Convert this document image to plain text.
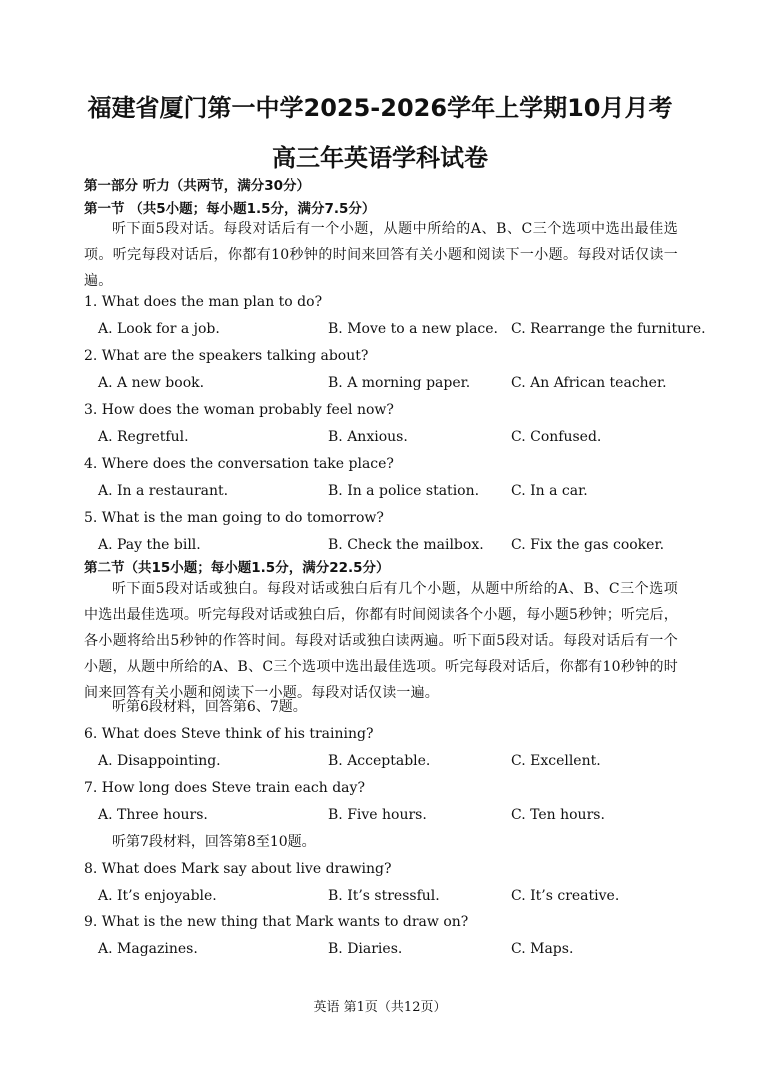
福建省厦门第一中学2025-2026学年上学期10月月考
高三年英语学科试卷
第一部分 听力（共两节，满分30分）
第一节 （共5小题；每小题1.5分，满分7.5分）
听下面5段对话。每段对话后有一个小题，从题中所给的A、B、C三个选项中选出最佳选项。听完每段对话后，你都有10秒钟的时间来回答有关小题和阅读下一小题。每段对话仅读一遍。
1. What does the man plan to do?
A. Look for a job.	B. Move to a new place. C. Rearrange the furniture.
2. What are the speakers talking about?
A. A new book.	B. A morning paper.	C. An African teacher.
3. How does the woman probably feel now?
A. Regretful.	B. Anxious.	C. Confused.
4. Where does the conversation take place?
A. In a restaurant.	B. In a police station. C. In a car.
5. What is the man going to do tomorrow?
A. Pay the bill.	B. Check the mailbox. C. Fix the gas cooker.
第二节（共15小题；每小题1.5分，满分22.5分）
听下面5段对话或独白。每段对话或独白后有几个小题，从题中所给的A、B、C三个选项中选出最佳选项。听完每段对话或独白后，你都有时间阅读各个小题，每小题5秒钟；听完后，各小题将给出5秒钟的作答时间。每段对话或独白读两遍。听下面5段对话。每段对话后有一个小题，从题中所给的A、B、C三个选项中选出最佳选项。听完每段对话后，你都有10秒钟的时间来回答有关小题和阅读下一小题。每段对话仅读一遍。
听第6段材料，回答第6、7题。
6. What does Steve think of his training?
A. Disappointing.	B. Acceptable.	C. Excellent.
7. How long does Steve train each day?
A. Three hours.	B. Five hours.	C. Ten hours.
听第7段材料，回答第8至10题。
8. What does Mark say about live drawing?
A. It’s enjoyable.	B. It’s stressful.	C. It’s creative.
9. What is the new thing that Mark wants to draw on?
A. Magazines.	B. Diaries.	C. Maps.
英语 第1页（共12页）
